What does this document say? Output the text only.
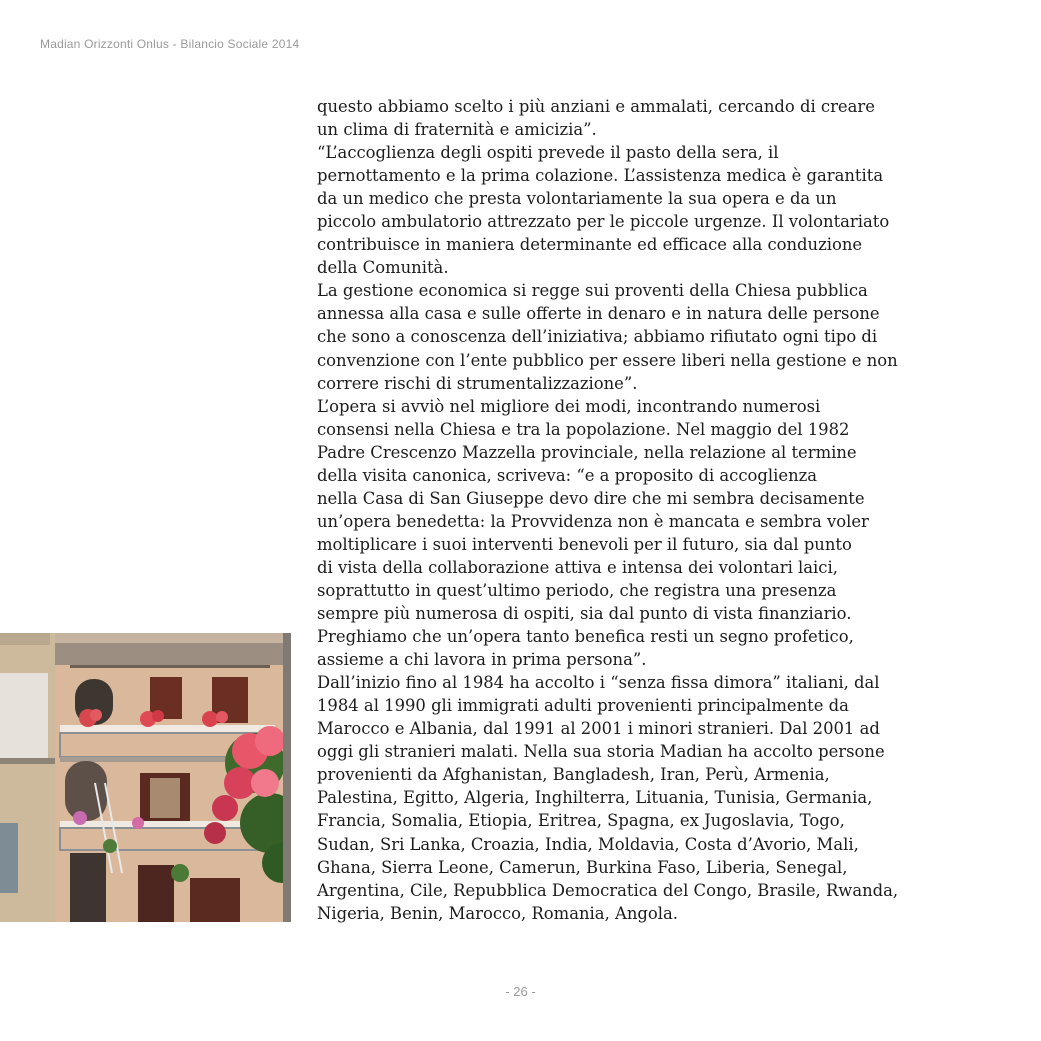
Madian Orizzonti Onlus - Bilancio Sociale 2014

questo abbiamo scelto i più anziani e ammalati, cercando di creare

un clima di fraternità e amicizia”.

“L’accoglienza degli ospiti prevede il pasto della sera, il

pernottamento e la prima colazione. L’assistenza medica è garantita

da un medico che presta volontariamente la sua opera e da un

piccolo ambulatorio attrezzato per le piccole urgenze. Il volontariato

contribuisce in maniera determinante ed efficace alla conduzione

della Comunità.

La gestione economica si regge sui proventi della Chiesa pubblica

annessa alla casa e sulle offerte in denaro e in natura delle persone

che sono a conoscenza dell’iniziativa; abbiamo rifiutato ogni tipo di

convenzione con l’ente pubblico per essere liberi nella gestione e non

correre rischi di strumentalizzazione”.

L’opera si avviò nel migliore dei modi, incontrando numerosi

consensi nella Chiesa e tra la popolazione. Nel maggio del 1982

Padre Crescenzo Mazzella provinciale, nella relazione al termine

della visita canonica, scriveva: “e a proposito di accoglienza

nella Casa di San Giuseppe devo dire che mi sembra decisamente

un’opera benedetta: la Provvidenza non è mancata e sembra voler

moltiplicare i suoi interventi benevoli per il futuro, sia dal punto

di vista della collaborazione attiva e intensa dei volontari laici,

soprattutto in quest’ultimo periodo, che registra una presenza

sempre più numerosa di ospiti, sia dal punto di vista finanziario.

Preghiamo che un’opera tanto benefica resti un segno profetico,

assieme a chi lavora in prima persona”.

Dall’inizio fino al 1984 ha accolto i “senza fissa dimora” italiani, dal

1984 al 1990 gli immigrati adulti provenienti principalmente da

Marocco e Albania, dal 1991 al 2001 i minori stranieri. Dal 2001 ad

oggi gli stranieri malati. Nella sua storia Madian ha accolto persone

provenienti da Afghanistan, Bangladesh, Iran, Perù, Armenia,

Palestina, Egitto, Algeria, Inghilterra, Lituania, Tunisia, Germania,

Francia, Somalia, Etiopia, Eritrea, Spagna, ex Jugoslavia, Togo,

Sudan, Sri Lanka, Croazia, India, Moldavia, Costa d’Avorio, Mali,

Ghana, Sierra Leone, Camerun, Burkina Faso, Liberia, Senegal,

Argentina, Cile, Repubblica Democratica del Congo, Brasile, Rwanda,

Nigeria, Benin, Marocco, Romania, Angola.

- 26 -
